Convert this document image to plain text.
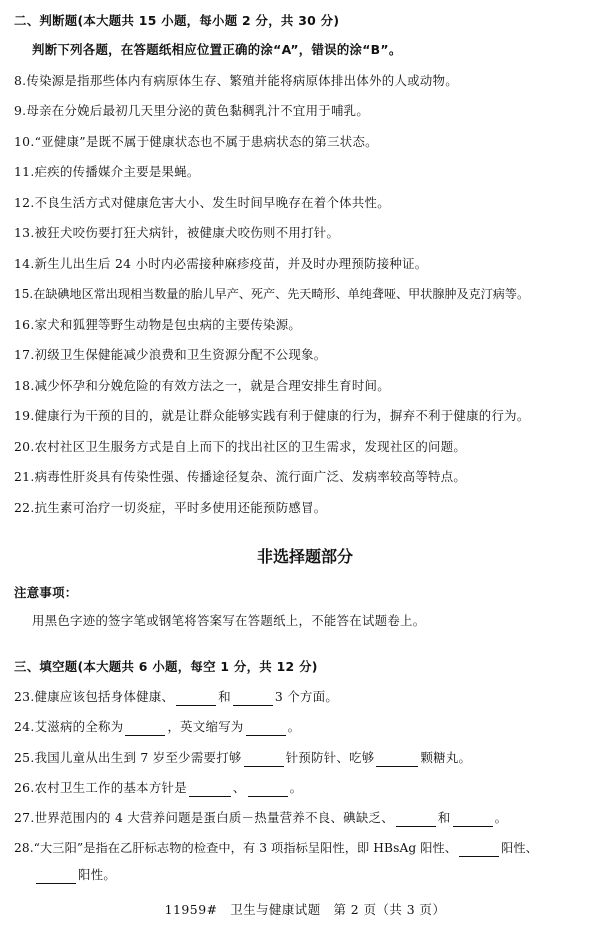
二、判断题(本大题共 15 小题，每小题 2 分，共 30 分)
判断下列各题，在答题纸相应位置正确的涂“A”，错误的涂“B”。
8.传染源是指那些体内有病原体生存、繁殖并能将病原体排出体外的人或动物。
9.母亲在分娩后最初几天里分泌的黄色黏稠乳汁不宜用于哺乳。
10.“亚健康”是既不属于健康状态也不属于患病状态的第三状态。
11.疟疾的传播媒介主要是果蝇。
12.不良生活方式对健康危害大小、发生时间早晚存在着个体共性。
13.被狂犬咬伤要打狂犬病针，被健康犬咬伤则不用打针。
14.新生儿出生后 24 小时内必需接种麻疹疫苗，并及时办理预防接种证。
15.在缺碘地区常出现相当数量的胎儿早产、死产、先天畸形、单纯聋哑、甲状腺肿及克汀病等。
16.家犬和狐狸等野生动物是包虫病的主要传染源。
17.初级卫生保健能减少浪费和卫生资源分配不公现象。
18.减少怀孕和分娩危险的有效方法之一，就是合理安排生育时间。
19.健康行为干预的目的，就是让群众能够实践有利于健康的行为，摒弃不利于健康的行为。
20.农村社区卫生服务方式是自上而下的找出社区的卫生需求，发现社区的问题。
21.病毒性肝炎具有传染性强、传播途径复杂、流行面广泛、发病率较高等特点。
22.抗生素可治疗一切炎症，平时多使用还能预防感冒。
非选择题部分
注意事项：
用黑色字迹的签字笔或钢笔将答案写在答题纸上，不能答在试题卷上。
三、填空题(本大题共 6 小题，每空 1 分，共 12 分)
23.健康应该包括身体健康、	和	3 个方面。
24.艾滋病的全称为	，英文缩写为	。
25.我国儿童从出生到 7 岁至少需要打够	针预防针、吃够	颗糖丸。
26.农村卫生工作的基本方针是	、	。
27.世界范围内的 4 大营养问题是蛋白质－热量营养不良、碘缺乏、	和	。
28.“大三阳”是指在乙肝标志物的检查中，有 3 项指标呈阳性，即 HBsAg 阳性、	阳性、
阳性。
11959#　卫生与健康试题　第 2 页（共 3 页）
